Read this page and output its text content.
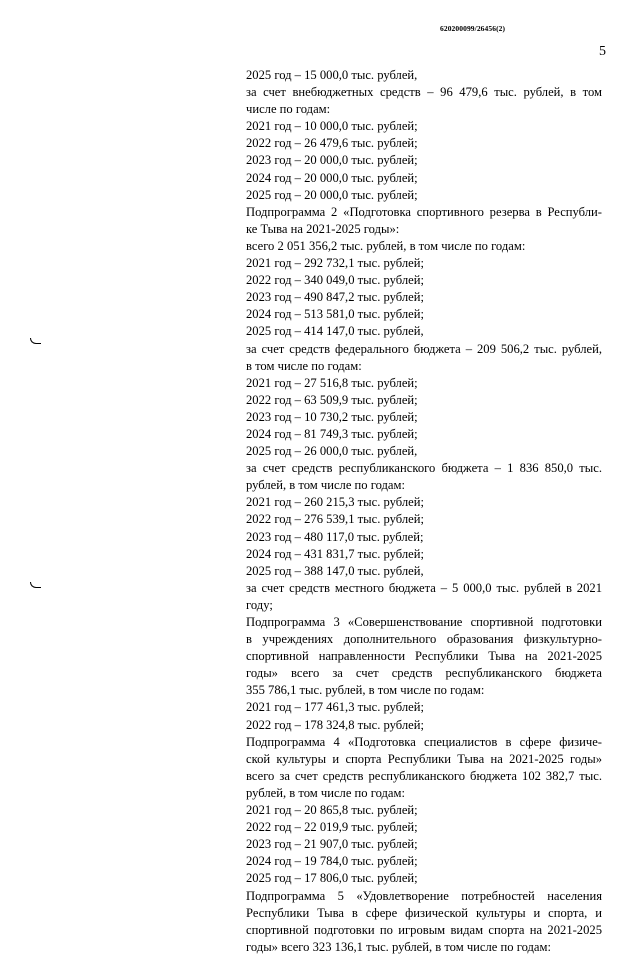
620200099/26456(2)
5
2025 год – 15 000,0 тыс. рублей,
за счет внебюджетных средств – 96 479,6 тыс. рублей, в том
числе по годам:
2021 год – 10 000,0 тыс. рублей;
2022 год – 26 479,6 тыс. рублей;
2023 год – 20 000,0 тыс. рублей;
2024 год – 20 000,0 тыс. рублей;
2025 год – 20 000,0 тыс. рублей;
Подпрограмма 2 «Подготовка спортивного резерва в Республи-
ке Тыва на 2021-2025 годы»:
всего 2 051 356,2 тыс. рублей, в том числе по годам:
2021 год – 292 732,1 тыс. рублей;
2022 год – 340 049,0 тыс. рублей;
2023 год – 490 847,2 тыс. рублей;
2024 год – 513 581,0 тыс. рублей;
2025 год – 414 147,0 тыс. рублей,
за счет средств федерального бюджета – 209 506,2 тыс. рублей,
в том числе по годам:
2021 год – 27 516,8 тыс. рублей;
2022 год – 63 509,9 тыс. рублей;
2023 год – 10 730,2 тыс. рублей;
2024 год – 81 749,3 тыс. рублей;
2025 год – 26 000,0 тыс. рублей,
за счет средств республиканского бюджета – 1 836 850,0 тыс.
рублей, в том числе по годам:
2021 год – 260 215,3 тыс. рублей;
2022 год – 276 539,1 тыс. рублей;
2023 год – 480 117,0 тыс. рублей;
2024 год – 431 831,7 тыс. рублей;
2025 год – 388 147,0 тыс. рублей,
за счет средств местного бюджета – 5 000,0 тыс. рублей в 2021
году;
Подпрограмма 3 «Совершенствование спортивной подготовки
в учреждениях дополнительного образования физкультурно-
спортивной направленности Республики Тыва на 2021-2025
годы» всего за счет средств республиканского бюджета
355 786,1 тыс. рублей, в том числе по годам:
2021 год – 177 461,3 тыс. рублей;
2022 год – 178 324,8 тыс. рублей;
Подпрограмма 4 «Подготовка специалистов в сфере физиче-
ской культуры и спорта Республики Тыва на 2021-2025 годы»
всего за счет средств республиканского бюджета 102 382,7 тыс.
рублей, в том числе по годам:
2021 год – 20 865,8 тыс. рублей;
2022 год – 22 019,9 тыс. рублей;
2023 год – 21 907,0 тыс. рублей;
2024 год – 19 784,0 тыс. рублей;
2025 год – 17 806,0 тыс. рублей;
Подпрограмма 5 «Удовлетворение потребностей населения
Республики Тыва в сфере физической культуры и спорта, и
спортивной подготовки по игровым видам спорта на 2021-2025
годы» всего 323 136,1 тыс. рублей, в том числе по годам:
